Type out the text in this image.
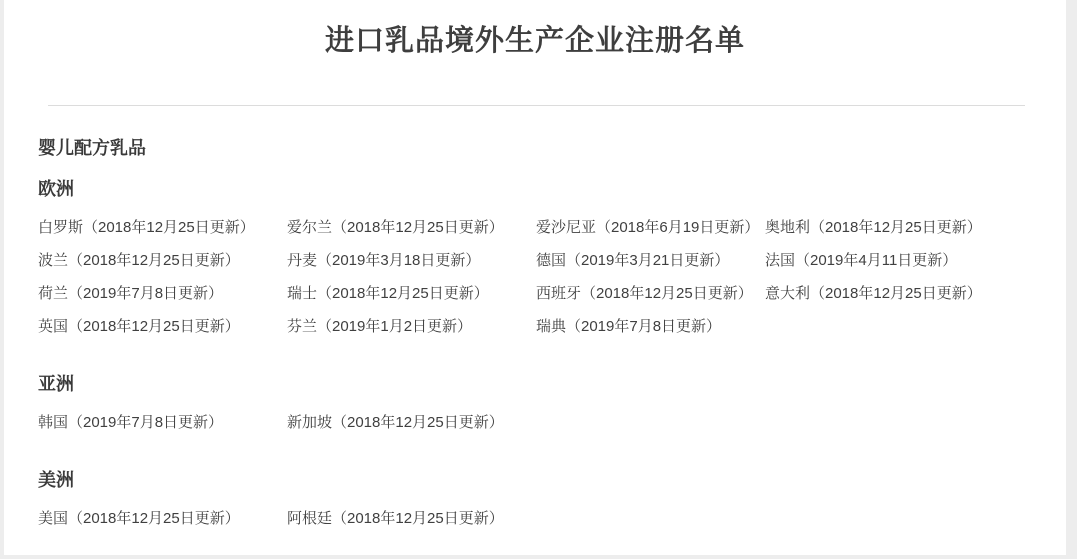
进口乳品境外生产企业注册名单
婴儿配方乳品
欧洲
白罗斯（2018年12月25日更新）	爱尔兰（2018年12月25日更新）	爱沙尼亚（2018年6月19日更新） 奥地利（2018年12月25日更新）
波兰（2018年12月25日更新）	丹麦（2019年3月18日更新）	德国（2019年3月21日更新）	法国（2019年4月11日更新）
荷兰（2019年7月8日更新）	瑞士（2018年12月25日更新）	西班牙（2018年12月25日更新） 意大利（2018年12月25日更新）
英国（2018年12月25日更新）	芬兰（2019年1月2日更新）	瑞典（2019年7月8日更新）
亚洲
韩国（2019年7月8日更新）	新加坡（2018年12月25日更新）
美洲
美国（2018年12月25日更新）	阿根廷（2018年12月25日更新）
